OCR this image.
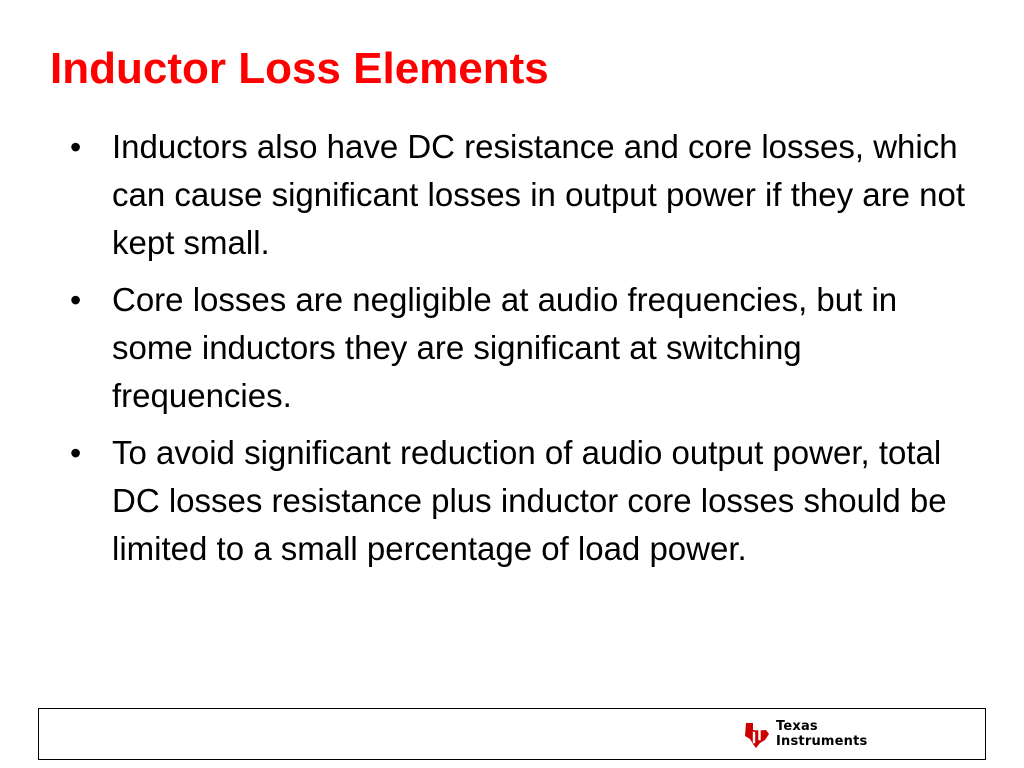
Inductor Loss Elements
• Inductors also have DC resistance and core losses, which can cause significant losses in output power if they are not kept small.
• Core losses are negligible at audio frequencies, but in some inductors they are significant at switching frequencies.
• To avoid significant reduction of audio output power, total DC losses resistance plus inductor core losses should be limited to a small percentage of load power.
Texas
Instruments
